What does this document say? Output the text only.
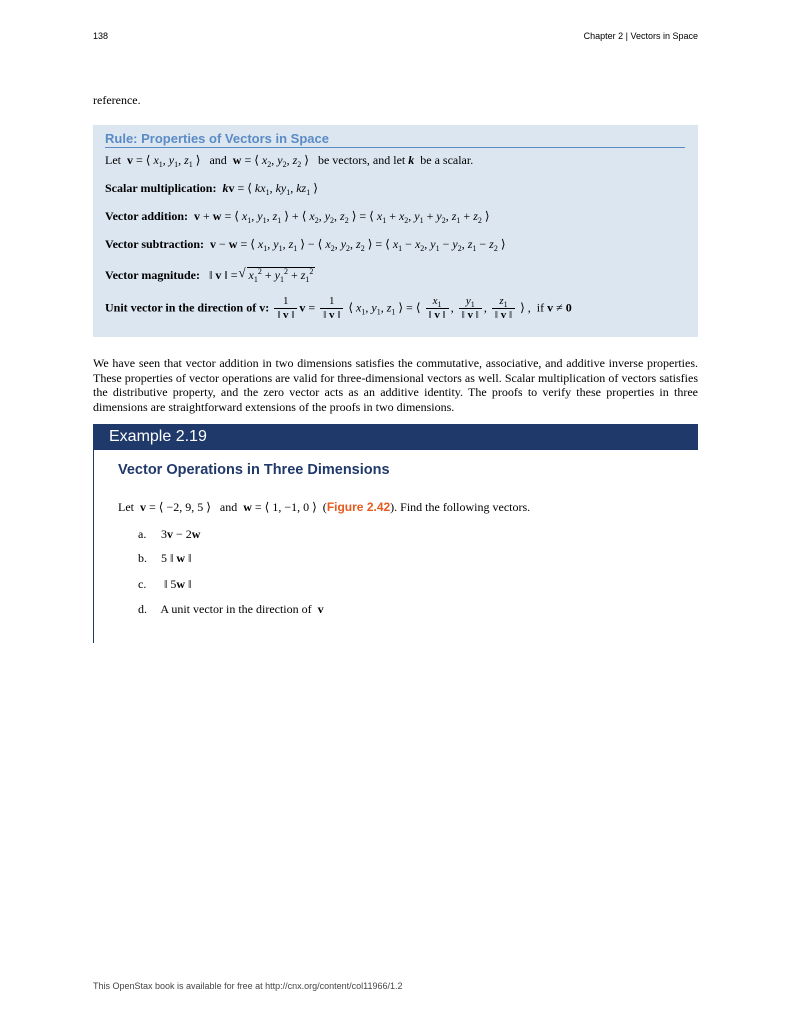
138	Chapter 2 | Vectors in Space
reference.
Rule: Properties of Vectors in Space
Let v = ⟨ $x_1$, $y_1$, $z_1$ ⟩   and w = ⟨ $x_2$, $y_2$, $z_2$ ⟩   be vectors, and let k be a scalar.
Scalar multiplication: kv = ⟨ $kx_1$, $ky_1$, $kz_1$ ⟩
Vector addition: v + w = ⟨ $x_1$, $y_1$, $z_1$ ⟩ + ⟨ $x_2$, $y_2$, $z_2$ ⟩ = ⟨ $x_1 + x_2$, $y_1 + y_2$, $z_1 + z_2$ ⟩
Vector subtraction: v − w = ⟨ $x_1$, $y_1$, $z_1$ ⟩ − ⟨ $x_2$, $y_2$, $z_2$ ⟩ = ⟨ $x_1 - x_2$, $y_1 - y_2$, $z_1 - z_2$ ⟩
Vector magnitude:   ‖ v ‖ = √ $x_1^2 + y_1^2 + z_1^2$
Unit vector in the direction of v: $\frac{1}{‖ v ‖}$ $v = \frac{1}{‖ v ‖}$ ⟨ $x_1$, $y_1$, $z_1$ ⟩ = ⟨ $\frac{x_1}{‖ v ‖}$ , $\frac{y_1}{‖ v ‖}$ , $\frac{z_1}{‖ v ‖}$ ⟩ ,  if v ≠ 0
We have seen that vector addition in two dimensions satisfies the commutative, associative, and additive inverse properties. These properties of vector operations are valid for three-dimensional vectors as well. Scalar multiplication of vectors satisfies the distributive property, and the zero vector acts as an additive identity. The proofs to verify these properties in three dimensions are straightforward extensions of the proofs in two dimensions.
Example 2.19
Vector Operations in Three Dimensions
Let v = ⟨ −2, 9, 5 ⟩   and w = ⟨ 1, −1, 0 ⟩  (Figure 2.42). Find the following vectors.
a. 3v − 2w
b. 5 ‖ w ‖
c.  ‖ 5w ‖
d. A unit vector in the direction of v
This OpenStax book is available for free at http://cnx.org/content/col11966/1.2
